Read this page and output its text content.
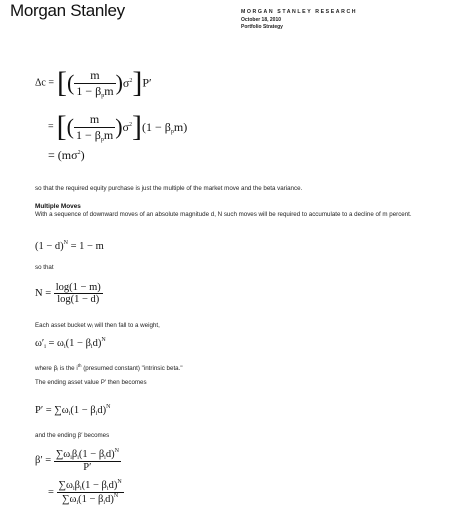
Morgan Stanley	MORGAN STANLEY RESEARCH
October 18, 2010
Portfolio Strategy
Δc = [( $\frac{m}{1 - \beta_pm} )\sigma^2]P'$
= [( $\frac{m}{1 - \beta_pm} )\sigma^2](1 - \beta_pm)$
= $(m\sigma^2)$
so that the required equity purchase is just the multiple of the market move and the beta variance.
Multiple Moves
With a sequence of downward moves of an absolute magnitude d, N such moves will be required to accumulate to a decline of m percent.
$(1 - d)^N = 1 - m$
so that
$N = \frac{\log(1 - m)}{\log(1 - d)}$
Each asset bucket wᵢ will then fall to a weight,
$\omega'_i = \omega_i(1 - \beta_id)^N$
where βᵢ is the $i^{th}$ (presumed constant) "intrinsic beta."
The ending asset value P′ then becomes
$P' = \sum\omega_i(1 - \beta_id)^N$
and the ending β′ becomes
$\beta' = \frac{\sum\omega_i\beta_i(1 - \beta_id)^N}{P'}$
= $\frac{\sum\omega_i\beta_i(1 - \beta_id)^N}{\sum\omega_i(1 - \beta_id)^N}$
